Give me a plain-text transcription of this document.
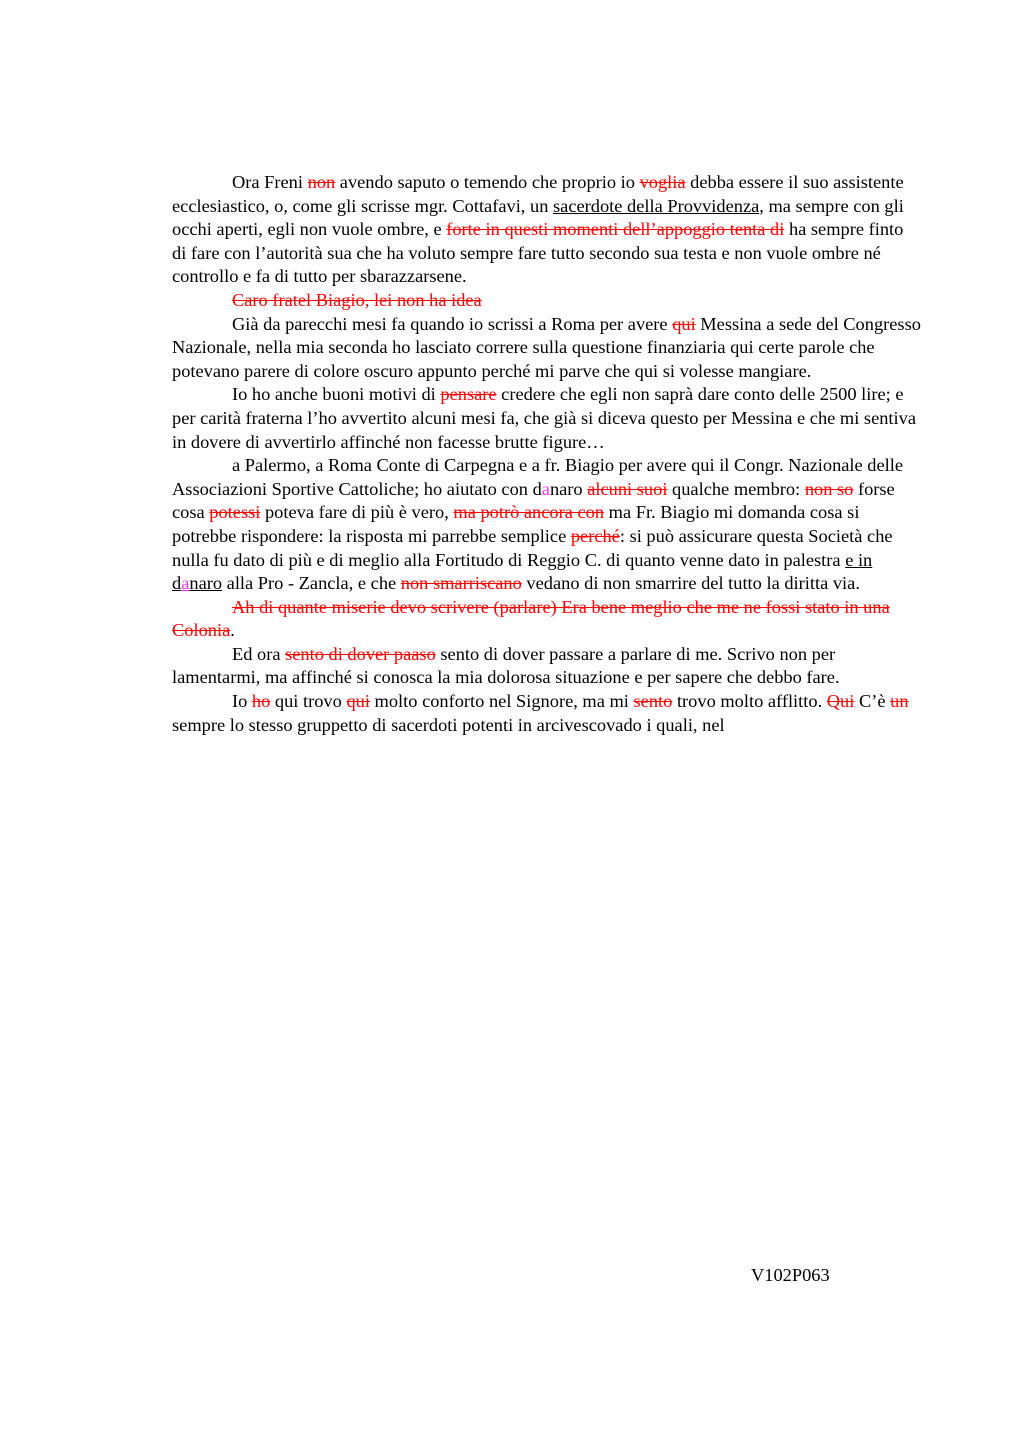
Ora Freni non avendo saputo o temendo che proprio io voglia debba essere il suo assistente ecclesiastico, o, come gli scrisse mgr. Cottafavi, un sacerdote della Provvidenza, ma sempre con gli occhi aperti, egli non vuole ombre, e forte in questi momenti dell’appoggio tenta di ha sempre finto di fare con l’autorità sua che ha voluto sempre fare tutto secondo sua testa e non vuole ombre né controllo e fa di tutto per sbarazzarsene.

Caro fratel Biagio, lei non ha idea

Già da parecchi mesi fa quando io scrissi a Roma per avere qui Messina a sede del Congresso Nazionale, nella mia seconda ho lasciato correre sulla questione finanziaria qui certe parole che potevano parere di colore oscuro appunto perché mi parve che qui si volesse mangiare.

Io ho anche buoni motivi di pensare credere che egli non saprà dare conto delle 2500 lire; e per carità fraterna l’ho avvertito alcuni mesi fa, che già si diceva questo per Messina e che mi sentiva in dovere di avvertirlo affinché non facesse brutte figure…

a Palermo, a Roma Conte di Carpegna e a fr. Biagio per avere qui il Congr. Nazionale delle Associazioni Sportive Cattoliche; ho aiutato con danaro alcuni suoi qualche membro: non so forse cosa potessi poteva fare di più è vero, ma potrò ancora con ma Fr. Biagio mi domanda cosa si potrebbe rispondere: la risposta mi parrebbe semplice perché: si può assicurare questa Società che nulla fu dato di più e di meglio alla Fortitudo di Reggio C. di quanto venne dato in palestra e in danaro alla Pro - Zancla, e che non smarriscano vedano di non smarrire del tutto la diritta via.

Ah di quante miserie devo scrivere (parlare) Era bene meglio che me ne fossi stato in una Colonia.

Ed ora sento di dover paaso sento di dover passare a parlare di me. Scrivo non per lamentarmi, ma affinché si conosca la mia dolorosa situazione e per sapere che debbo fare.

Io ho qui trovo qui molto conforto nel Signore, ma mi sento trovo molto afflitto. Qui C’è un sempre lo stesso gruppetto di sacerdoti potenti in arcivescovado i quali, nel

V102P063
